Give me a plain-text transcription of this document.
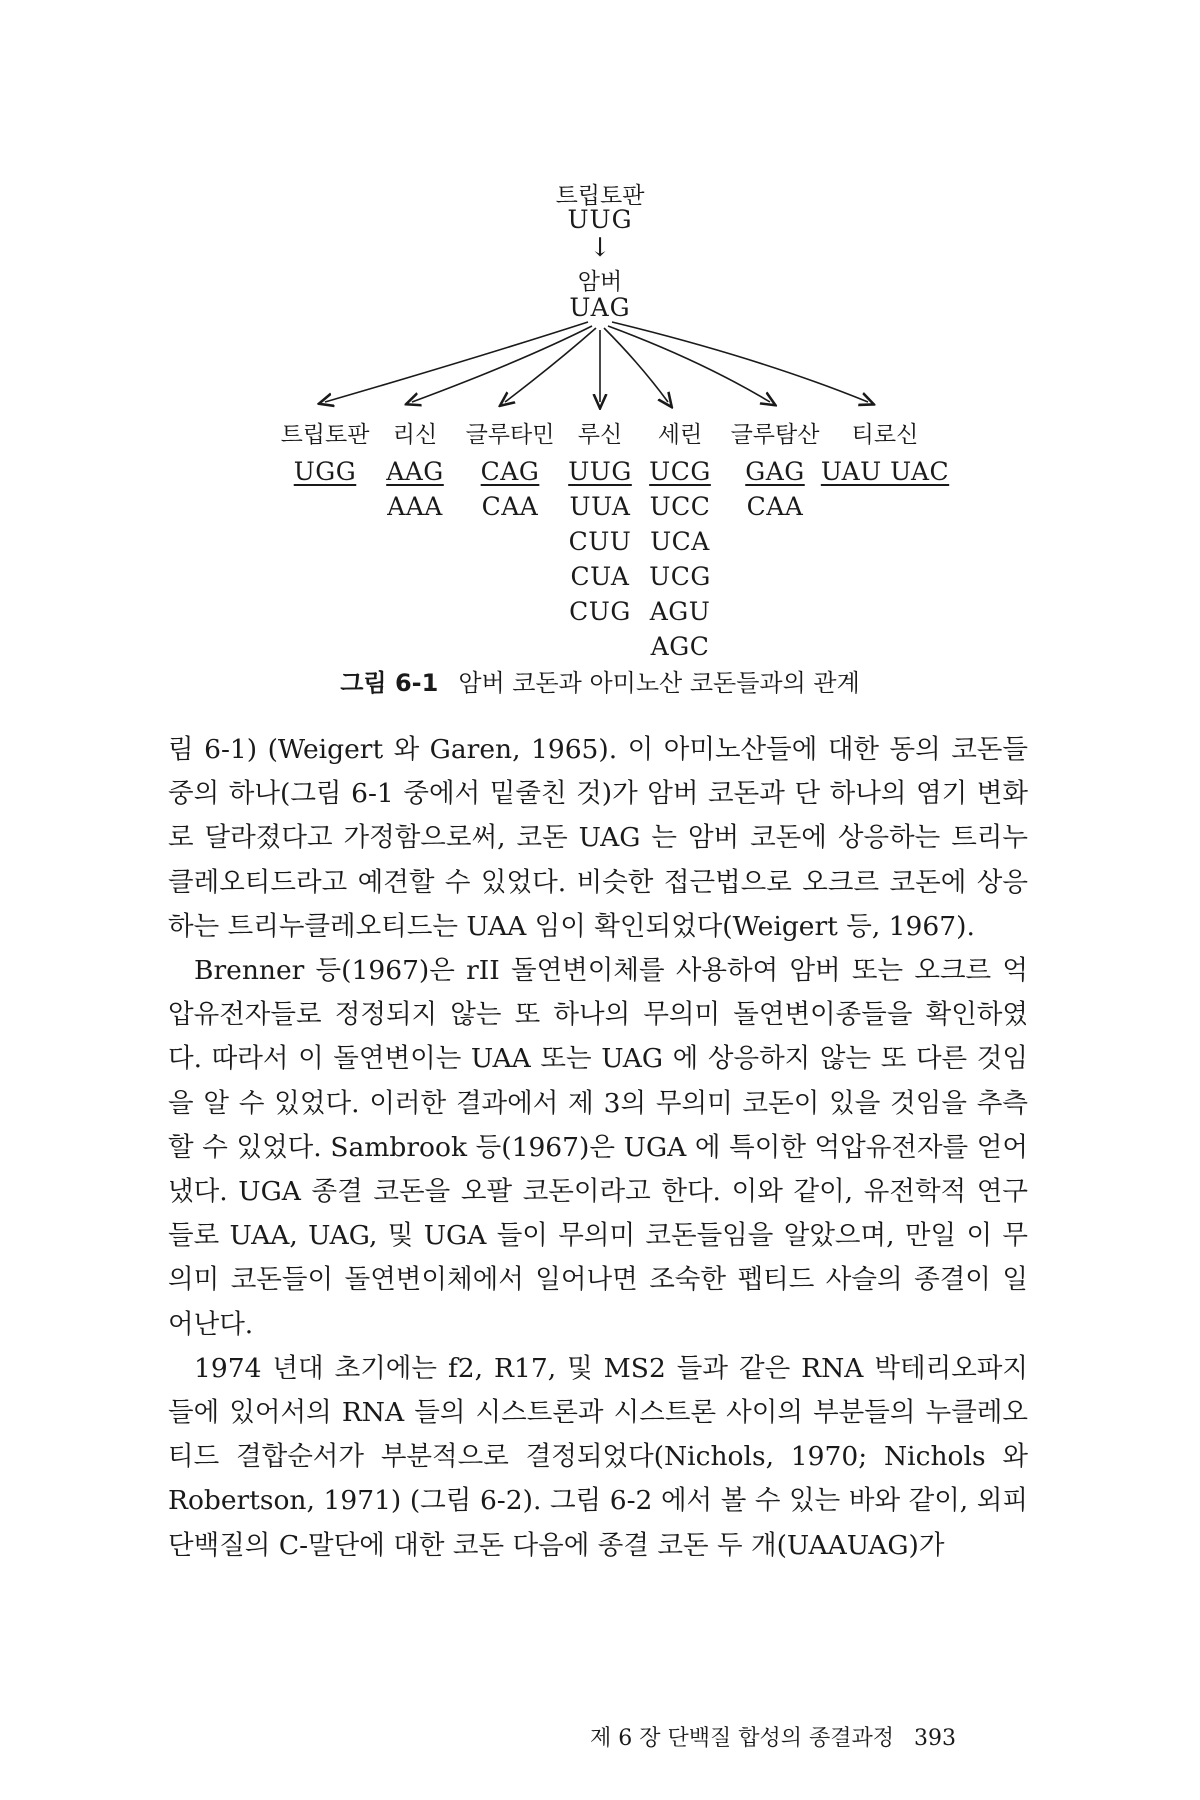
트립토판
UUG
↓
암버
UAG
트립토판
UGG
리신
AAG
AAA
글루타민
CAG
CAA
루신
UUG
UUA
CUU
CUA
CUG
세린
UCG
UCC
UCA
UCG
AGU
AGC
글루탐산
GAG
CAA
티로신
UAU UAC
그림 6-1 암버 코돈과 아미노산 코돈들과의 관계

림 6-1) (Weigert 와 Garen, 1965). 이 아미노산들에 대한 동의 코돈들 중의 하나(그림 6-1 중에서 밑줄친 것)가 암버 코돈과 단 하나의 염기 변화로 달라졌다고 가정함으로써, 코돈 UAG 는 암버 코돈에 상응하는 트리누클레오티드라고 예견할 수 있었다. 비슷한 접근법으로 오크르 코돈에 상응하는 트리누클레오티드는 UAA 임이 확인되었다(Weigert 등, 1967).

Brenner 등(1967)은 rII 돌연변이체를 사용하여 암버 또는 오크르 억압유전자들로 정정되지 않는 또 하나의 무의미 돌연변이종들을 확인하였다. 따라서 이 돌연변이는 UAA 또는 UAG 에 상응하지 않는 또 다른 것임을 알 수 있었다. 이러한 결과에서 제 3의 무의미 코돈이 있을 것임을 추측할 수 있었다. Sambrook 등(1967)은 UGA 에 특이한 억압유전자를 얻어냈다. UGA 종결 코돈을 오팔 코돈이라고 한다. 이와 같이, 유전학적 연구들로 UAA, UAG, 및 UGA 들이 무의미 코돈들임을 알았으며, 만일 이 무의미 코돈들이 돌연변이체에서 일어나면 조숙한 펩티드 사슬의 종결이 일어난다.

1974 년대 초기에는 f2, R17, 및 MS2 들과 같은 RNA 박테리오파지들에 있어서의 RNA 들의 시스트론과 시스트론 사이의 부분들의 누클레오티드 결합순서가 부분적으로 결정되었다(Nichols, 1970; Nichols 와 Robertson, 1971) (그림 6-2). 그림 6-2 에서 볼 수 있는 바와 같이, 외피 단백질의 C-말단에 대한 코돈 다음에 종결 코돈 두 개(UAAUAG)가

제 6 장 단백질 합성의 종결과정 393
